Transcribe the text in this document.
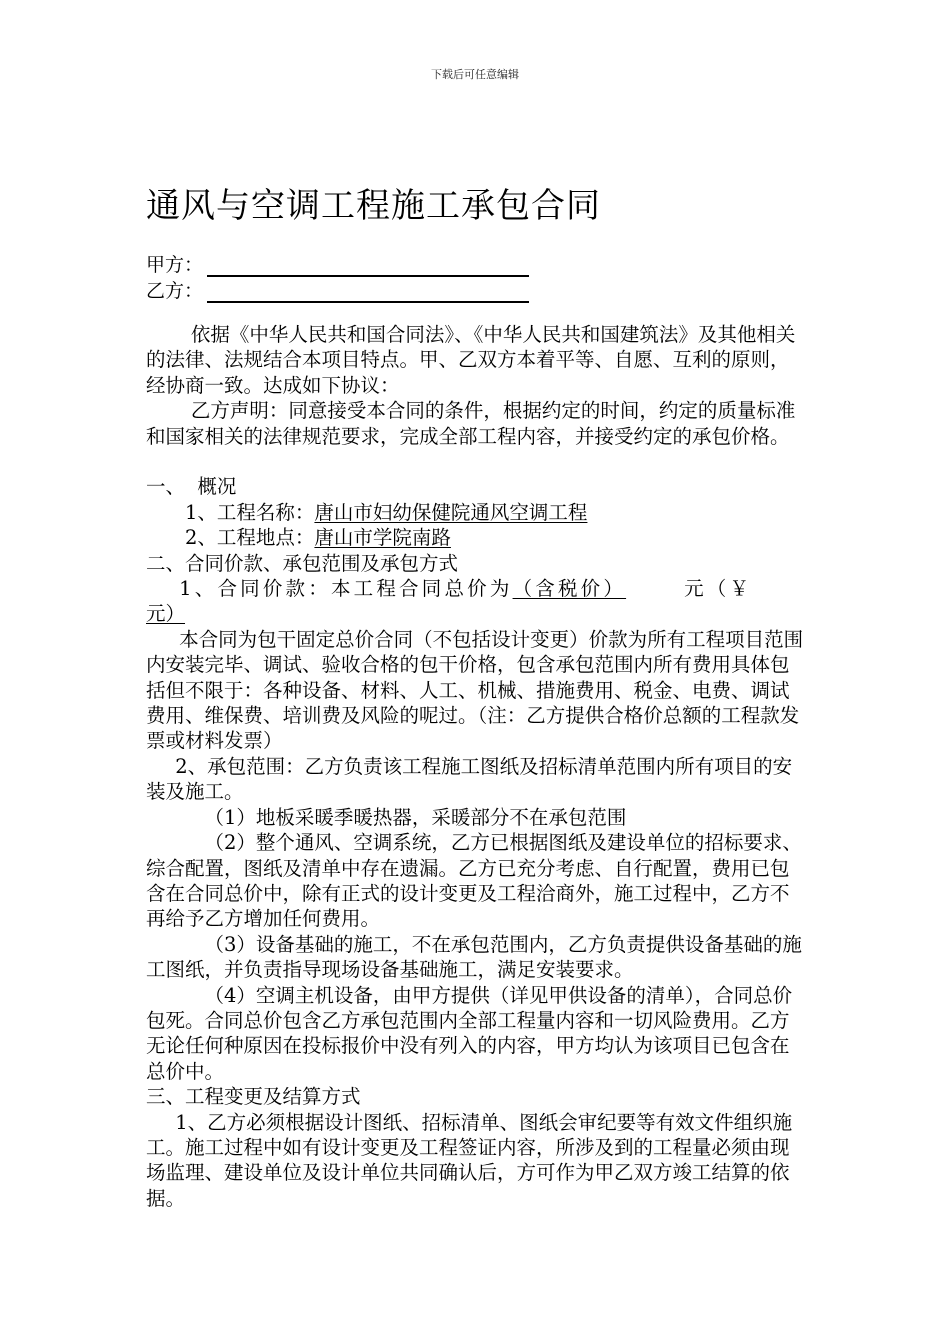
下载后可任意编辑
通风与空调工程施工承包合同
甲方：
乙方：

依据《中华人民共和国合同法》、《中华人民共和国建筑法》及其他相关的法律、法规结合本项目特点。甲、乙双方本着平等、自愿、互利的原则，经协商一致。达成如下协议：

乙方声明：同意接受本合同的条件，根据约定的时间，约定的质量标准和国家相关的法律规范要求，完成全部工程内容，并接受约定的承包价格。

一、  概况

1、工程名称：唐山市妇幼保健院通风空调工程

2、工程地点：唐山市学院南路

二、合同价款、承包范围及承包方式

1、合同价款：本工程合同总价为（含税价）	元（￥

元）

本合同为包干固定总价合同（不包括设计变更）价款为所有工程项目范围内安装完毕、调试、验收合格的包干价格，包含承包范围内所有费用具体包括但不限于：各种设备、材料、人工、机械、措施费用、税金、电费、调试费用、维保费、培训费及风险的呢过。（注：乙方提供合格价总额的工程款发票或材料发票）

2、承包范围：乙方负责该工程施工图纸及招标清单范围内所有项目的安装及施工。

（1）地板采暖季暖热器，采暖部分不在承包范围

（2）整个通风、空调系统，乙方已根据图纸及建设单位的招标要求、综合配置，图纸及清单中存在遗漏。乙方已充分考虑、自行配置，费用已包含在合同总价中，除有正式的设计变更及工程洽商外，施工过程中，乙方不再给予乙方增加任何费用。

（3）设备基础的施工，不在承包范围内，乙方负责提供设备基础的施工图纸，并负责指导现场设备基础施工，满足安装要求。

（4）空调主机设备，由甲方提供（详见甲供设备的清单），合同总价包死。合同总价包含乙方承包范围内全部工程量内容和一切风险费用。乙方无论任何种原因在投标报价中没有列入的内容，甲方均认为该项目已包含在总价中。

三、工程变更及结算方式

1、乙方必须根据设计图纸、招标清单、图纸会审纪要等有效文件组织施工。施工过程中如有设计变更及工程签证内容，所涉及到的工程量必须由现场监理、建设单位及设计单位共同确认后，方可作为甲乙双方竣工结算的依据。
